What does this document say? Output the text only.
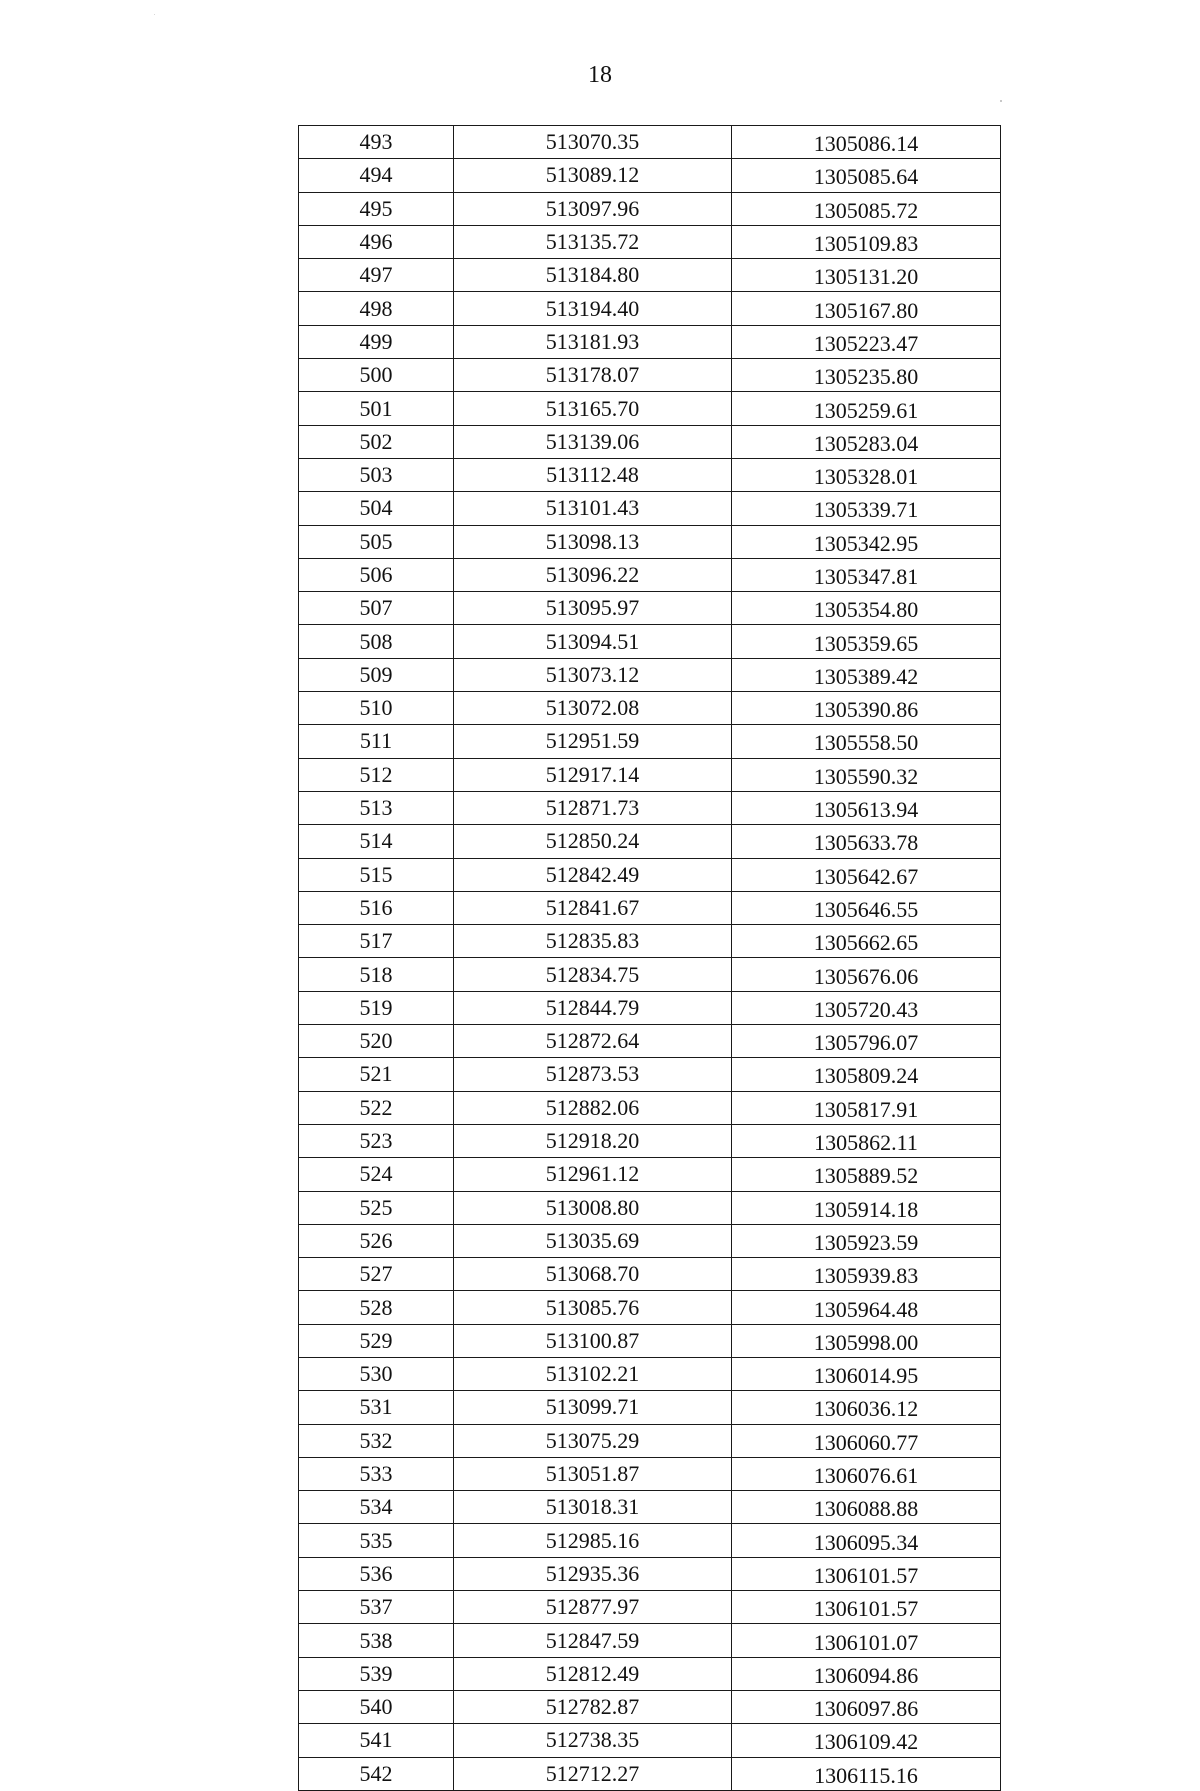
18
493	513070.35	1305086.14
494	513089.12	1305085.64
495	513097.96	1305085.72
496	513135.72	1305109.83
497	513184.80	1305131.20
498	513194.40	1305167.80
499	513181.93	1305223.47
500	513178.07	1305235.80
501	513165.70	1305259.61
502	513139.06	1305283.04
503	513112.48	1305328.01
504	513101.43	1305339.71
505	513098.13	1305342.95
506	513096.22	1305347.81
507	513095.97	1305354.80
508	513094.51	1305359.65
509	513073.12	1305389.42
510	513072.08	1305390.86
511	512951.59	1305558.50
512	512917.14	1305590.32
513	512871.73	1305613.94
514	512850.24	1305633.78
515	512842.49	1305642.67
516	512841.67	1305646.55
517	512835.83	1305662.65
518	512834.75	1305676.06
519	512844.79	1305720.43
520	512872.64	1305796.07
521	512873.53	1305809.24
522	512882.06	1305817.91
523	512918.20	1305862.11
524	512961.12	1305889.52
525	513008.80	1305914.18
526	513035.69	1305923.59
527	513068.70	1305939.83
528	513085.76	1305964.48
529	513100.87	1305998.00
530	513102.21	1306014.95
531	513099.71	1306036.12
532	513075.29	1306060.77
533	513051.87	1306076.61
534	513018.31	1306088.88
535	512985.16	1306095.34
536	512935.36	1306101.57
537	512877.97	1306101.57
538	512847.59	1306101.07
539	512812.49	1306094.86
540	512782.87	1306097.86
541	512738.35	1306109.42
542	512712.27	1306115.16
